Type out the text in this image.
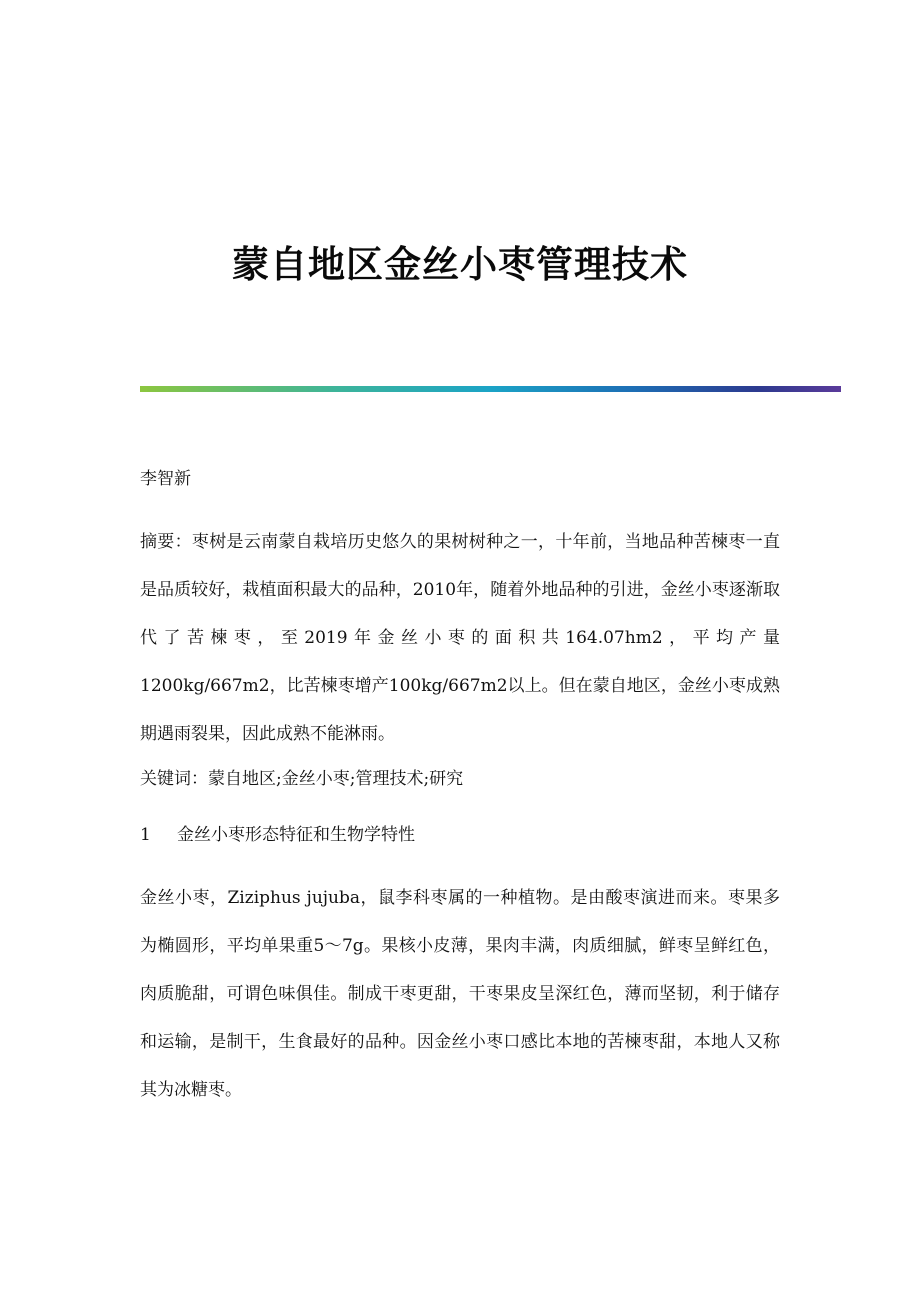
蒙自地区金丝小枣管理技术

李智新

摘要：枣树是云南蒙自栽培历史悠久的果树树种之一，十年前，当地品种苦楝枣一直是品质较好，栽植面积最大的品种，2010年，随着外地品种的引进，金丝小枣逐渐取代了苦楝枣，至2019年金丝小枣的面积共164.07hm2，平均产量1200kg/667m2，比苦楝枣增产100kg/667m2以上。但在蒙自地区，金丝小枣成熟期遇雨裂果，因此成熟不能淋雨。

关键词：蒙自地区;金丝小枣;管理技术;研究

1 金丝小枣形态特征和生物学特性

金丝小枣，Ziziphus jujuba，鼠李科枣属的一种植物。是由酸枣演进而来。枣果多为椭圆形，平均单果重5～7g。果核小皮薄，果肉丰满，肉质细腻，鲜枣呈鲜红色，肉质脆甜，可谓色味俱佳。制成干枣更甜，干枣果皮呈深红色，薄而坚韧，利于储存和运输，是制干，生食最好的品种。因金丝小枣口感比本地的苦楝枣甜，本地人又称其为冰糖枣。
